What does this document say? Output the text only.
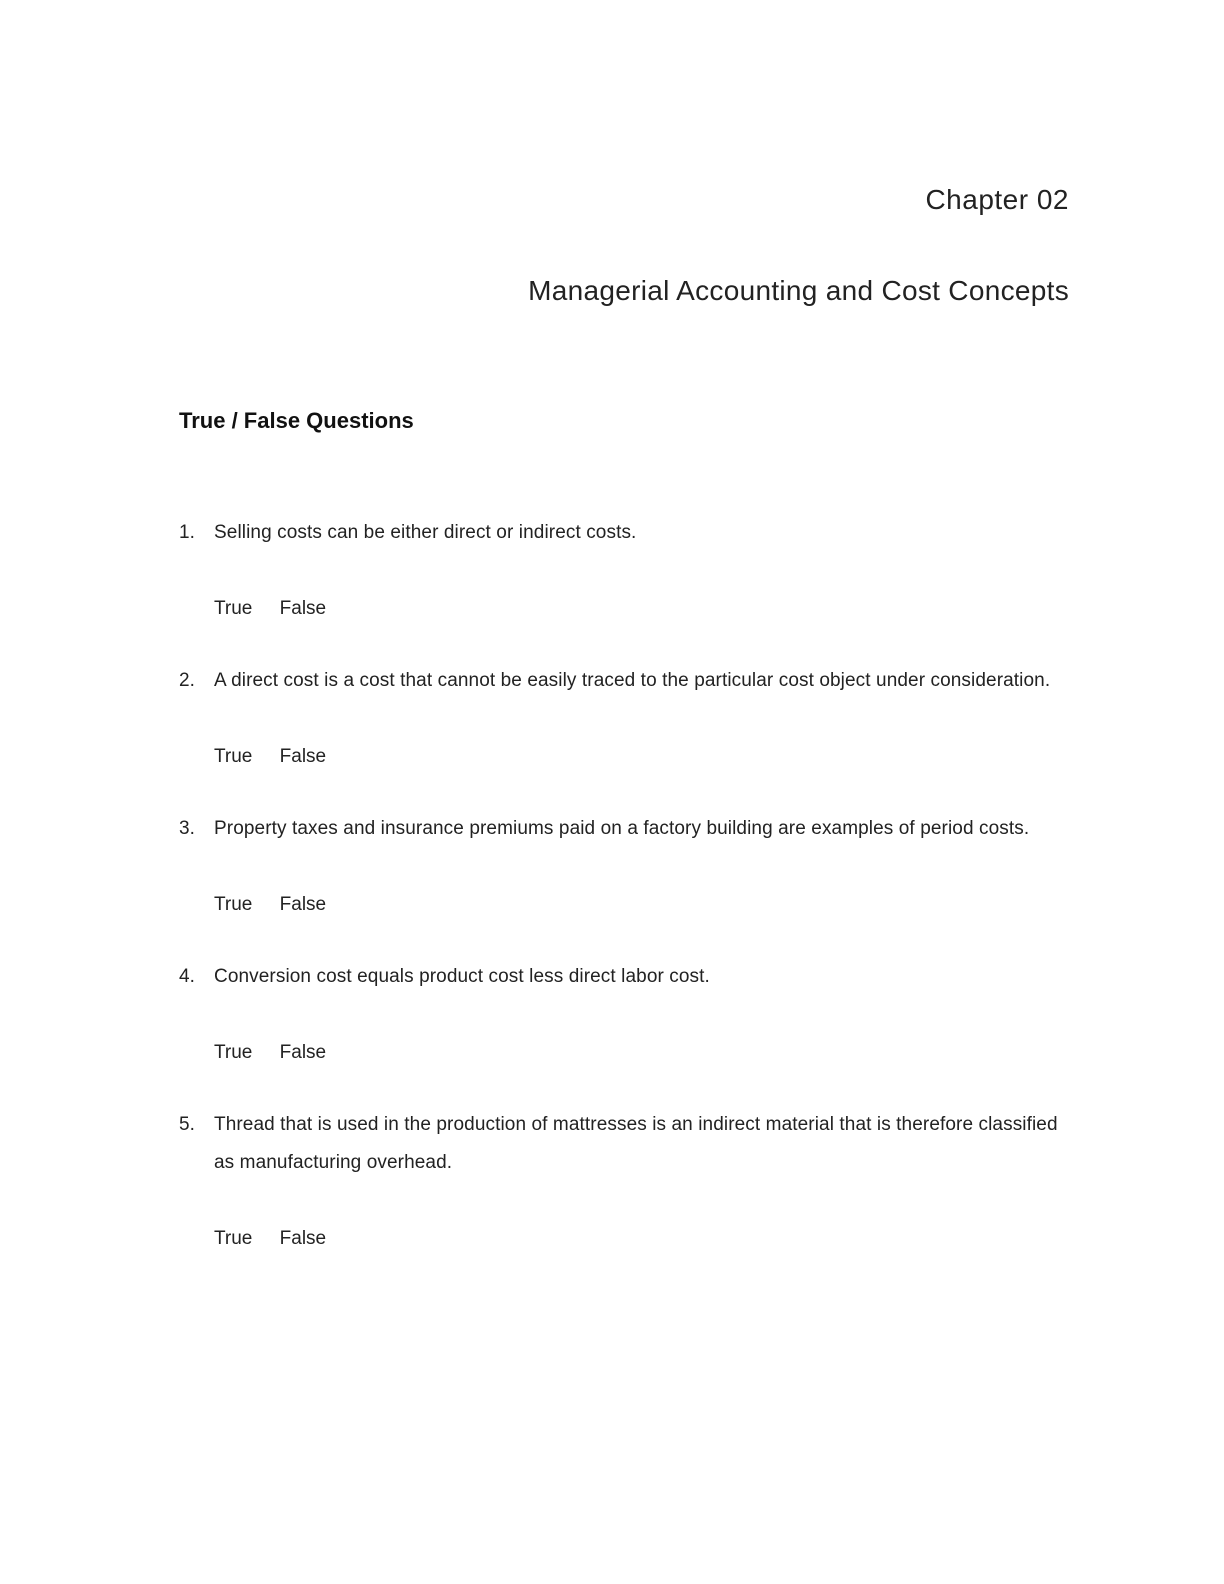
Chapter 02
Managerial Accounting and Cost Concepts
True / False Questions
1. Selling costs can be either direct or indirect costs.
True False
2. A direct cost is a cost that cannot be easily traced to the particular cost object under consideration.
True False
3. Property taxes and insurance premiums paid on a factory building are examples of period costs.
True False
4. Conversion cost equals product cost less direct labor cost.
True False
5. Thread that is used in the production of mattresses is an indirect material that is therefore classified as manufacturing overhead.
True False
